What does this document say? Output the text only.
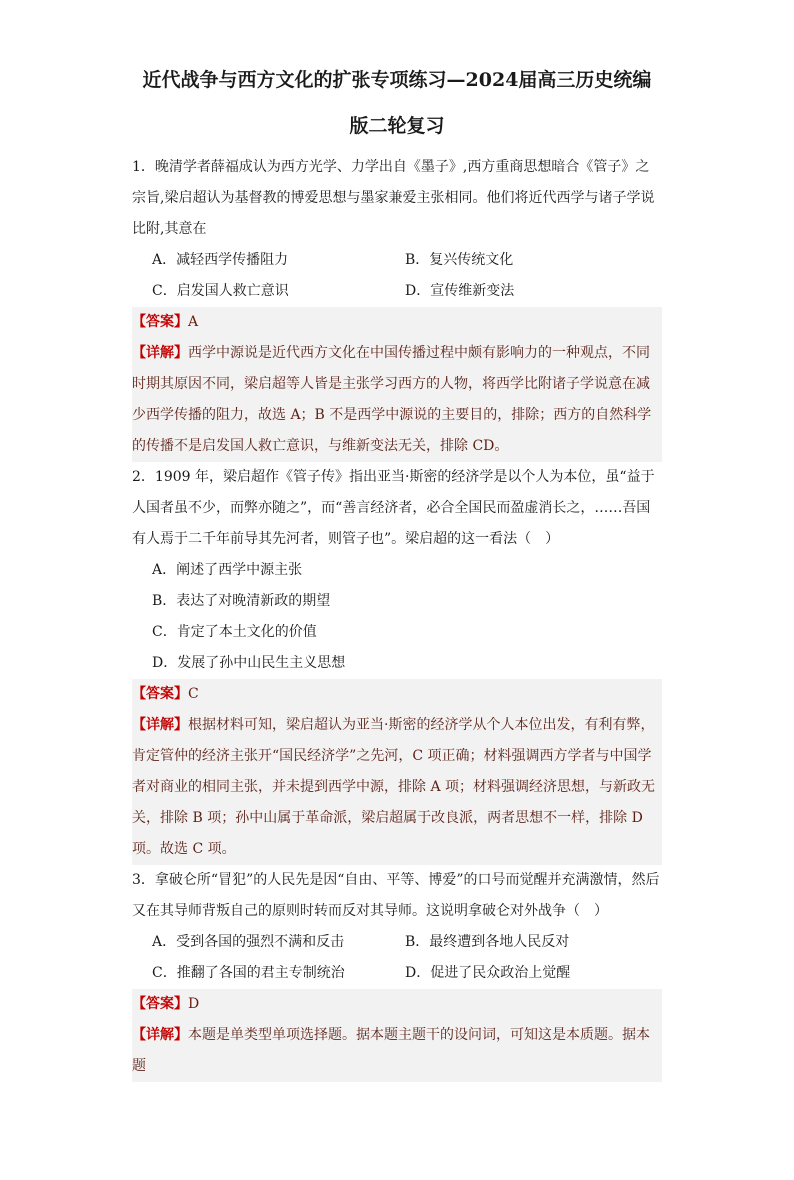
近代战争与西方文化的扩张专项练习—2024届高三历史统编
版二轮复习
1．晚清学者薛福成认为西方光学、力学出自《墨子》,西方重商思想暗合《管子》之宗旨,梁启超认为基督教的博爱思想与墨家兼爱主张相同。他们将近代西学与诸子学说比附,其意在
A．减轻西学传播阻力	B．复兴传统文化
C．启发国人救亡意识	D．宣传维新变法
【答案】A
【详解】西学中源说是近代西方文化在中国传播过程中颇有影响力的一种观点，不同时期其原因不同，梁启超等人皆是主张学习西方的人物，将西学比附诸子学说意在减少西学传播的阻力，故选 A；B 不是西学中源说的主要目的，排除；西方的自然科学的传播不是启发国人救亡意识，与维新变法无关，排除 CD。
2．1909 年，梁启超作《管子传》指出亚当·斯密的经济学是以个人为本位，虽“益于人国者虽不少，而弊亦随之”，而“善言经济者，必合全国民而盈虚消长之，……吾国有人焉于二千年前导其先河者，则管子也”。梁启超的这一看法（　）
A．阐述了西学中源主张
B．表达了对晚清新政的期望
C．肯定了本土文化的价值
D．发展了孙中山民生主义思想
【答案】C
【详解】根据材料可知，梁启超认为亚当·斯密的经济学从个人本位出发，有利有弊，肯定管仲的经济主张开“国民经济学”之先河，C 项正确；材料强调西方学者与中国学者对商业的相同主张，并未提到西学中源，排除 A 项；材料强调经济思想，与新政无关，排除 B 项；孙中山属于革命派，梁启超属于改良派，两者思想不一样，排除 D 项。故选 C 项。
3．拿破仑所“冒犯”的人民先是因“自由、平等、博爱”的口号而觉醒并充满激情，然后又在其导师背叛自己的原则时转而反对其导师。这说明拿破仑对外战争（　）
A．受到各国的强烈不满和反击	B．最终遭到各地人民反对
C．推翻了各国的君主专制统治	D．促进了民众政治上觉醒
【答案】D
【详解】本题是单类型单项选择题。据本题主题干的设问词，可知这是本质题。据本题
